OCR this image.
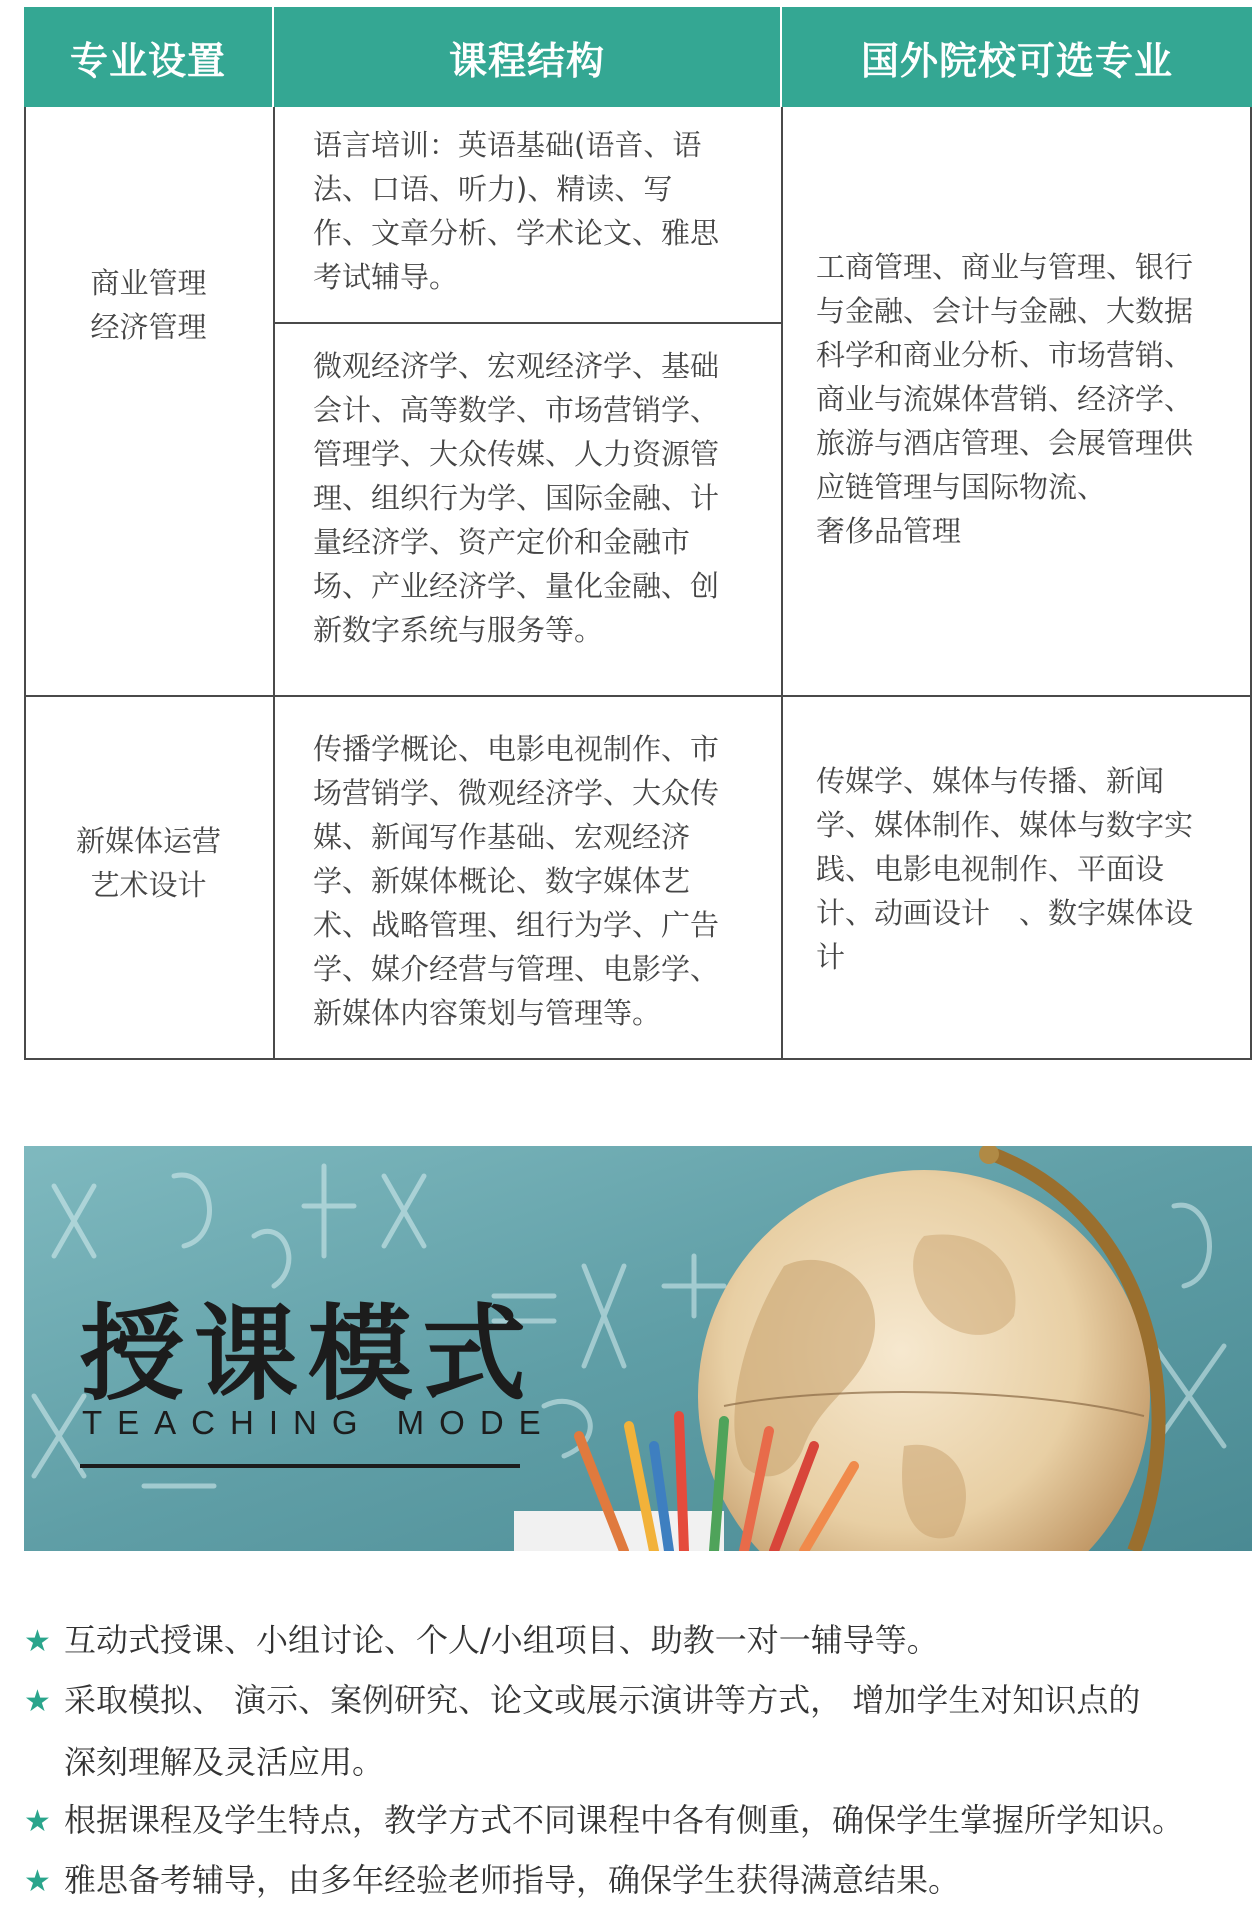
专业设置	课程结构	国外院校可选专业
商业管理
经济管理
语言培训：英语基础(语音、语
法、口语、听力)、精读、写
作、文章分析、学术论文、雅思
考试辅导。
微观经济学、宏观经济学、基础
会计、高等数学、市场营销学、
管理学、大众传媒、人力资源管
理、组织行为学、国际金融、计
量经济学、资产定价和金融市
场、产业经济学、量化金融、创
新数字系统与服务等。
工商管理、商业与管理、银行
与金融、会计与金融、大数据
科学和商业分析、市场营销、
商业与流媒体营销、经济学、
旅游与酒店管理、会展管理供
应链管理与国际物流、
奢侈品管理
新媒体运营
艺术设计
传播学概论、电影电视制作、市
场营销学、微观经济学、大众传
媒、新闻写作基础、宏观经济
学、新媒体概论、数字媒体艺
术、战略管理、组行为学、广告
学、媒介经营与管理、电影学、
新媒体内容策划与管理等。
传媒学、媒体与传播、新闻
学、媒体制作、媒体与数字实
践、电影电视制作、平面设
计、动画设计　、数字媒体设
计
授课模式
TEACHING MODE
★ 互动式授课、小组讨论、个人/小组项目、助教一对一辅导等。
★ 采取模拟、 演示、案例研究、论文或展示演讲等方式， 增加学生对知识点的
深刻理解及灵活应用。
★ 根据课程及学生特点，教学方式不同课程中各有侧重，确保学生掌握所学知识。
★ 雅思备考辅导，由多年经验老师指导，确保学生获得满意结果。
